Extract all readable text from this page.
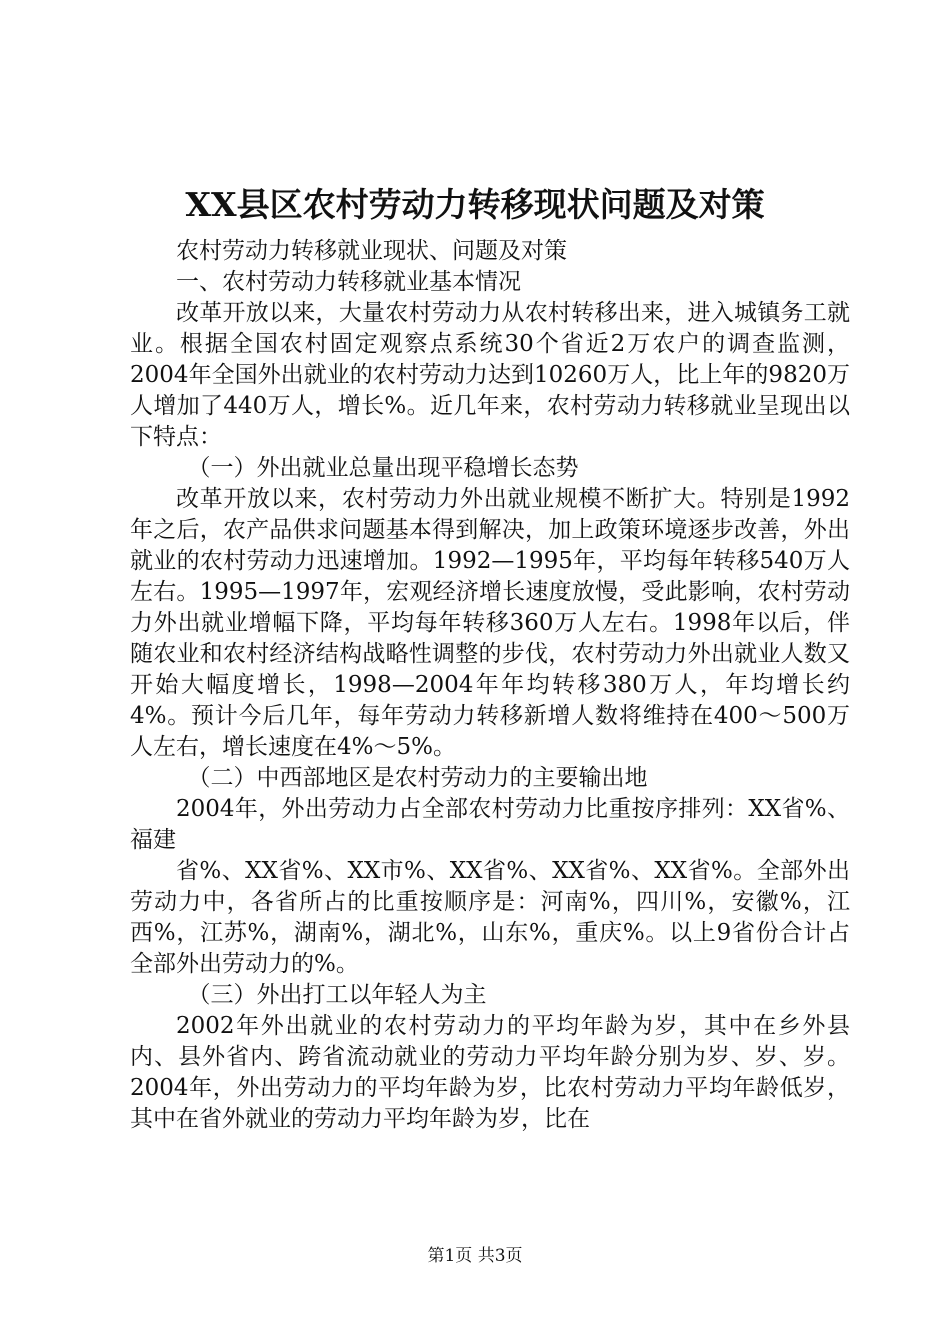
XX县区农村劳动力转移现状问题及对策

农村劳动力转移就业现状、问题及对策

一、农村劳动力转移就业基本情况

改革开放以来，大量农村劳动力从农村转移出来，进入城镇务工就业。根据全国农村固定观察点系统30个省近2万农户的调查监测，2004年全国外出就业的农村劳动力达到10260万人，比上年的9820万人增加了440万人，增长%。近几年来，农村劳动力转移就业呈现出以下特点：

（一）外出就业总量出现平稳增长态势

改革开放以来，农村劳动力外出就业规模不断扩大。特别是1992年之后，农产品供求问题基本得到解决，加上政策环境逐步改善，外出就业的农村劳动力迅速增加。1992—1995年，平均每年转移540万人左右。1995—1997年，宏观经济增长速度放慢，受此影响，农村劳动力外出就业增幅下降，平均每年转移360万人左右。1998年以后，伴随农业和农村经济结构战略性调整的步伐，农村劳动力外出就业人数又开始大幅度增长，1998—2004年年均转移380万人，年均增长约4%。预计今后几年，每年劳动力转移新增人数将维持在400～500万人左右，增长速度在4%～5%。

（二）中西部地区是农村劳动力的主要输出地

2004年，外出劳动力占全部农村劳动力比重按序排列：XX省%、福建

省%、XX省%、XX市%、XX省%、XX省%、XX省%。全部外出劳动力中，各省所占的比重按顺序是：河南%，四川%，安徽%，江西%，江苏%，湖南%，湖北%，山东%，重庆%。以上9省份合计占全部外出劳动力的%。

（三）外出打工以年轻人为主

2002年外出就业的农村劳动力的平均年龄为岁，其中在乡外县内、县外省内、跨省流动就业的劳动力平均年龄分别为岁、岁、岁。2004年，外出劳动力的平均年龄为岁，比农村劳动力平均年龄低岁，其中在省外就业的劳动力平均年龄为岁，比在

第1页 共3页
